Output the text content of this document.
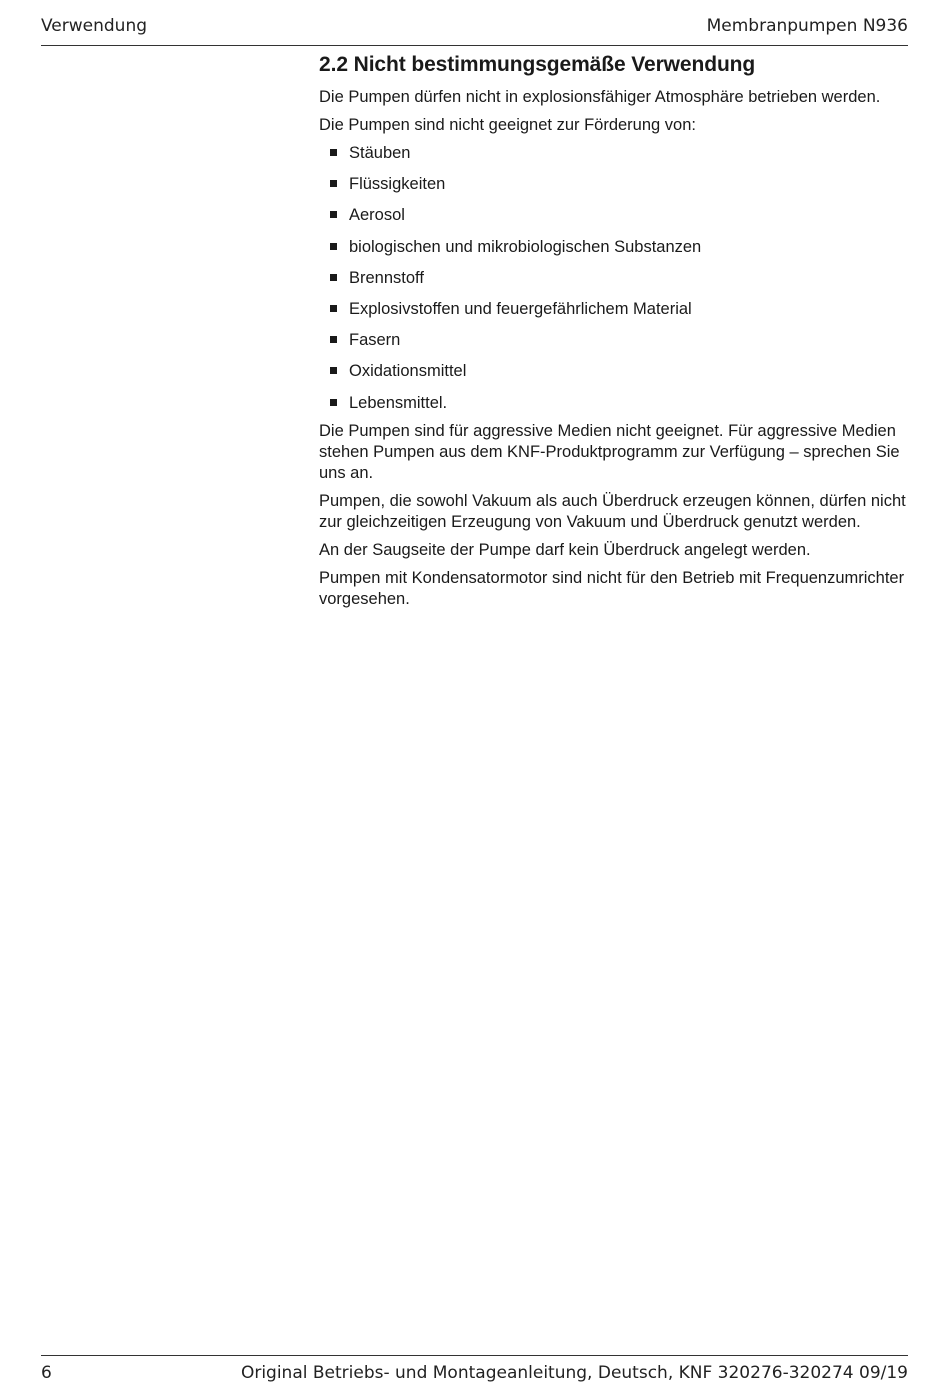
Verwendung	Membranpumpen N936
2.2 Nicht bestimmungsgemäße Verwendung

Die Pumpen dürfen nicht in explosionsfähiger Atmosphäre betrieben werden.

Die Pumpen sind nicht geeignet zur Förderung von:

Stäuben
Flüssigkeiten
Aerosol
biologischen und mikrobiologischen Substanzen
Brennstoff
Explosivstoffen und feuergefährlichem Material
Fasern
Oxidationsmittel
Lebensmittel.

Die Pumpen sind für aggressive Medien nicht geeignet. Für aggressive Medien stehen Pumpen aus dem KNF-Produktprogramm zur Verfügung – sprechen Sie uns an.

Pumpen, die sowohl Vakuum als auch Überdruck erzeugen können, dürfen nicht zur gleichzeitigen Erzeugung von Vakuum und Überdruck genutzt werden.

An der Saugseite der Pumpe darf kein Überdruck angelegt werden.

Pumpen mit Kondensatormotor sind nicht für den Betrieb mit Frequenzumrichter vorgesehen.

6	Original Betriebs- und Montageanleitung, Deutsch, KNF 320276-320274 09/19
